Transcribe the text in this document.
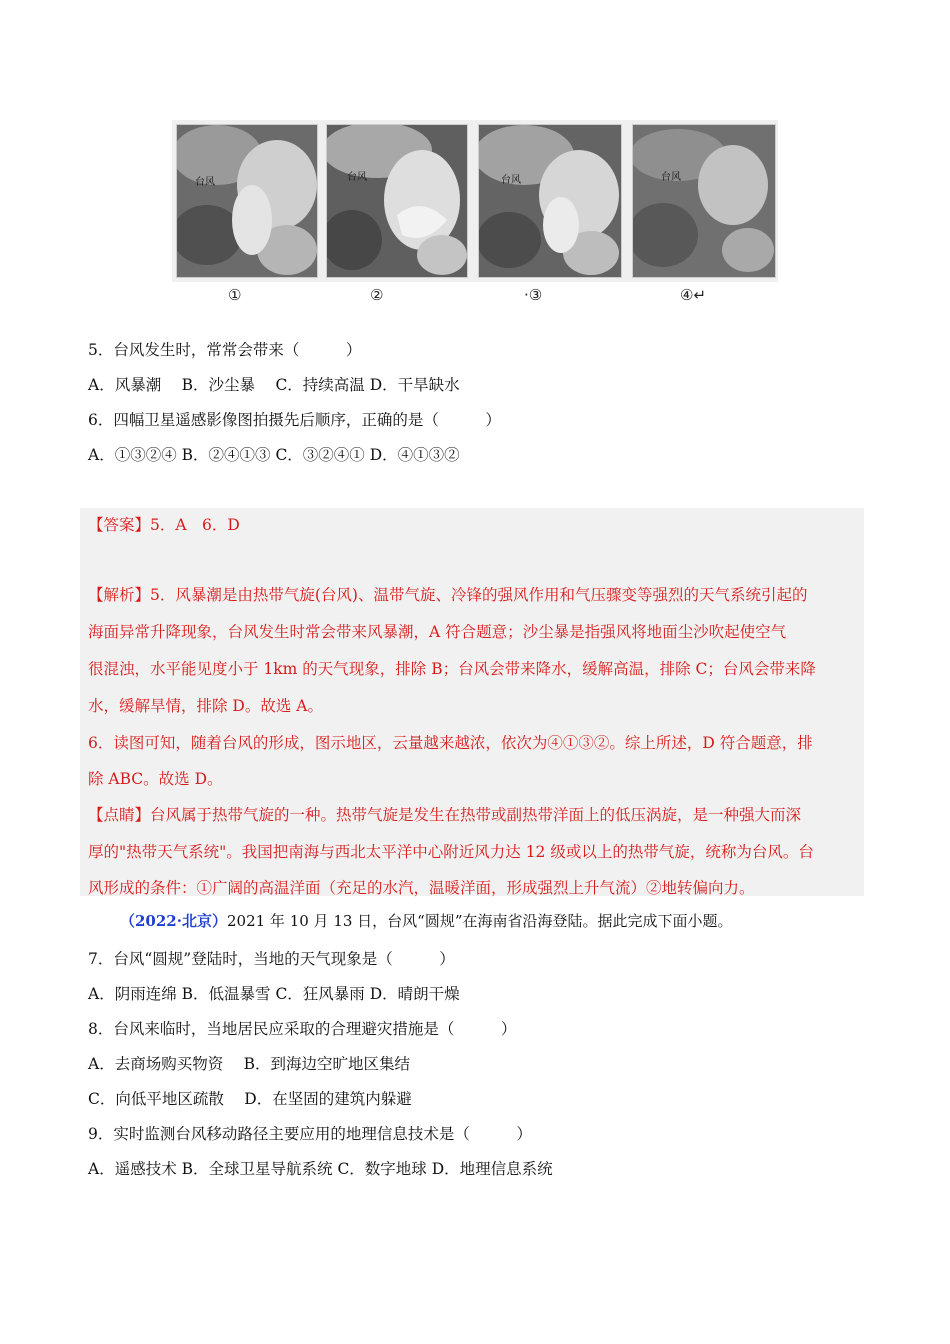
台风	台风	台风	台风
①	②	·③	④↵
5．台风发生时，常常会带来（　　　）
A．风暴潮　 B．沙尘暴　 C．持续高温 D．干旱缺水
6．四幅卫星遥感影像图拍摄先后顺序，正确的是（　　　）
A．①③②④ B．②④①③ C．③②④① D．④①③②
【答案】5．A　6．D
【解析】5．风暴潮是由热带气旋(台风)、温带气旋、冷锋的强风作用和气压骤变等强烈的天气系统引起的
海面异常升降现象，台风发生时常会带来风暴潮，A 符合题意；沙尘暴是指强风将地面尘沙吹起使空气
很混浊，水平能见度小于 1km 的天气现象，排除 B；台风会带来降水，缓解高温，排除 C；台风会带来降
水，缓解旱情，排除 D。故选 A。
6．读图可知，随着台风的形成，图示地区，云量越来越浓，依次为④①③②。综上所述，D 符合题意，排
除 ABC。故选 D。
【点睛】台风属于热带气旋的一种。热带气旋是发生在热带或副热带洋面上的低压涡旋，是一种强大而深
厚的"热带天气系统"。我国把南海与西北太平洋中心附近风力达 12 级或以上的热带气旋，统称为台风。台
风形成的条件：①广阔的高温洋面（充足的水汽，温暖洋面，形成强烈上升气流）②地转偏向力。
（2022·北京）2021 年 10 月 13 日，台风“圆规”在海南省沿海登陆。据此完成下面小题。
7．台风“圆规”登陆时，当地的天气现象是（　　　）
A．阴雨连绵 B．低温暴雪 C．狂风暴雨 D．晴朗干燥
8．台风来临时，当地居民应采取的合理避灾措施是（　　　）
A．去商场购买物资　 B．到海边空旷地区集结
C．向低平地区疏散　 D．在坚固的建筑内躲避
9．实时监测台风移动路径主要应用的地理信息技术是（　　　）
A．遥感技术 B．全球卫星导航系统 C．数字地球 D．地理信息系统
